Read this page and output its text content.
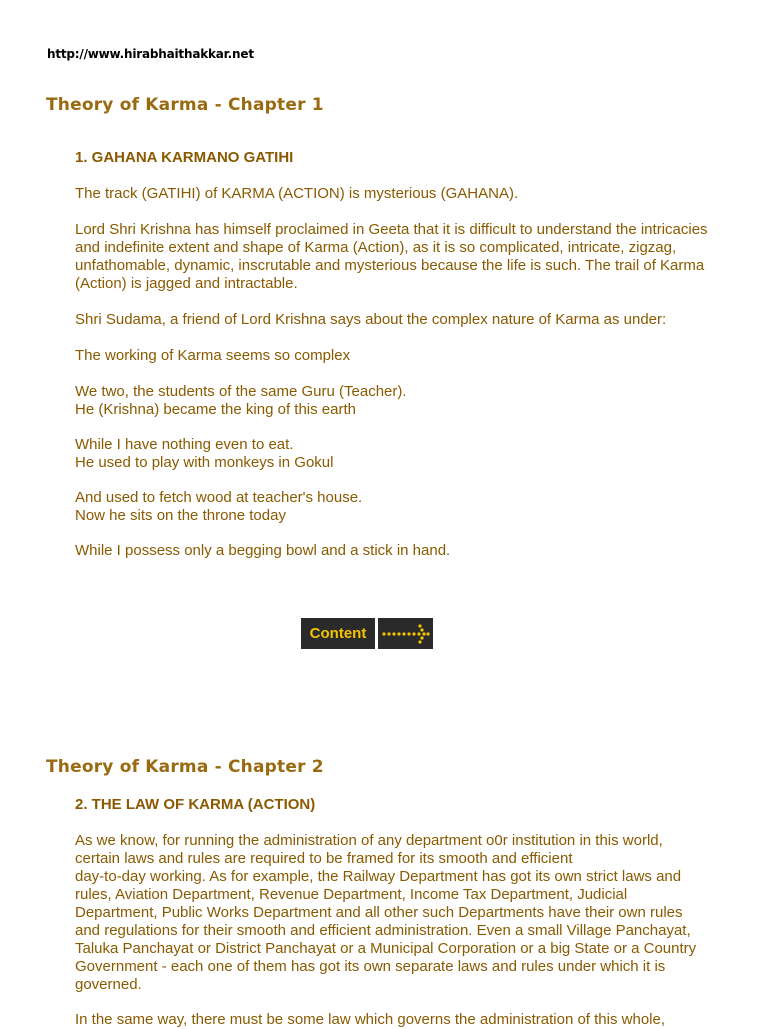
http://www.hirabhaithakkar.net
Theory of Karma - Chapter 1
1. GAHANA KARMANO GATIHI

The track (GATIHI) of KARMA (ACTION) is mysterious (GAHANA).

Lord Shri Krishna has himself proclaimed in Geeta that it is difficult to understand the intricacies and indefinite extent and shape of Karma (Action), as it is so complicated, intricate, zigzag, unfathomable, dynamic, inscrutable and mysterious because the life is such. The trail of Karma (Action) is jagged and intractable.

Shri Sudama, a friend of Lord Krishna says about the complex nature of Karma as under:

The working of Karma seems so complex

We two, the students of the same Guru (Teacher).

He (Krishna) became the king of this earth

While I have nothing even to eat.

He used to play with monkeys in Gokul

And used to fetch wood at teacher's house.

Now he sits on the throne today

While I possess only a begging bowl and a stick in hand.

Content
Theory of Karma - Chapter 2
2. THE LAW OF KARMA (ACTION)

As we know, for running the administration of any department o0r institution in this world,

certain laws and rules are required to be framed for its smooth and efficient

day-to-day working. As for example, the Railway Department has got its own strict laws and

rules, Aviation Department, Revenue Department, Income Tax Department, Judicial

Department, Public Works Department and all other such Departments have their own rules

and regulations for their smooth and efficient administration. Even a small Village Panchayat,

Taluka Panchayat or District Panchayat or a Municipal Corporation or a big State or a Country

Government - each one of them has got its own separate laws and rules under which it is

governed.

In the same way, there must be some law which governs the administration of this whole,
